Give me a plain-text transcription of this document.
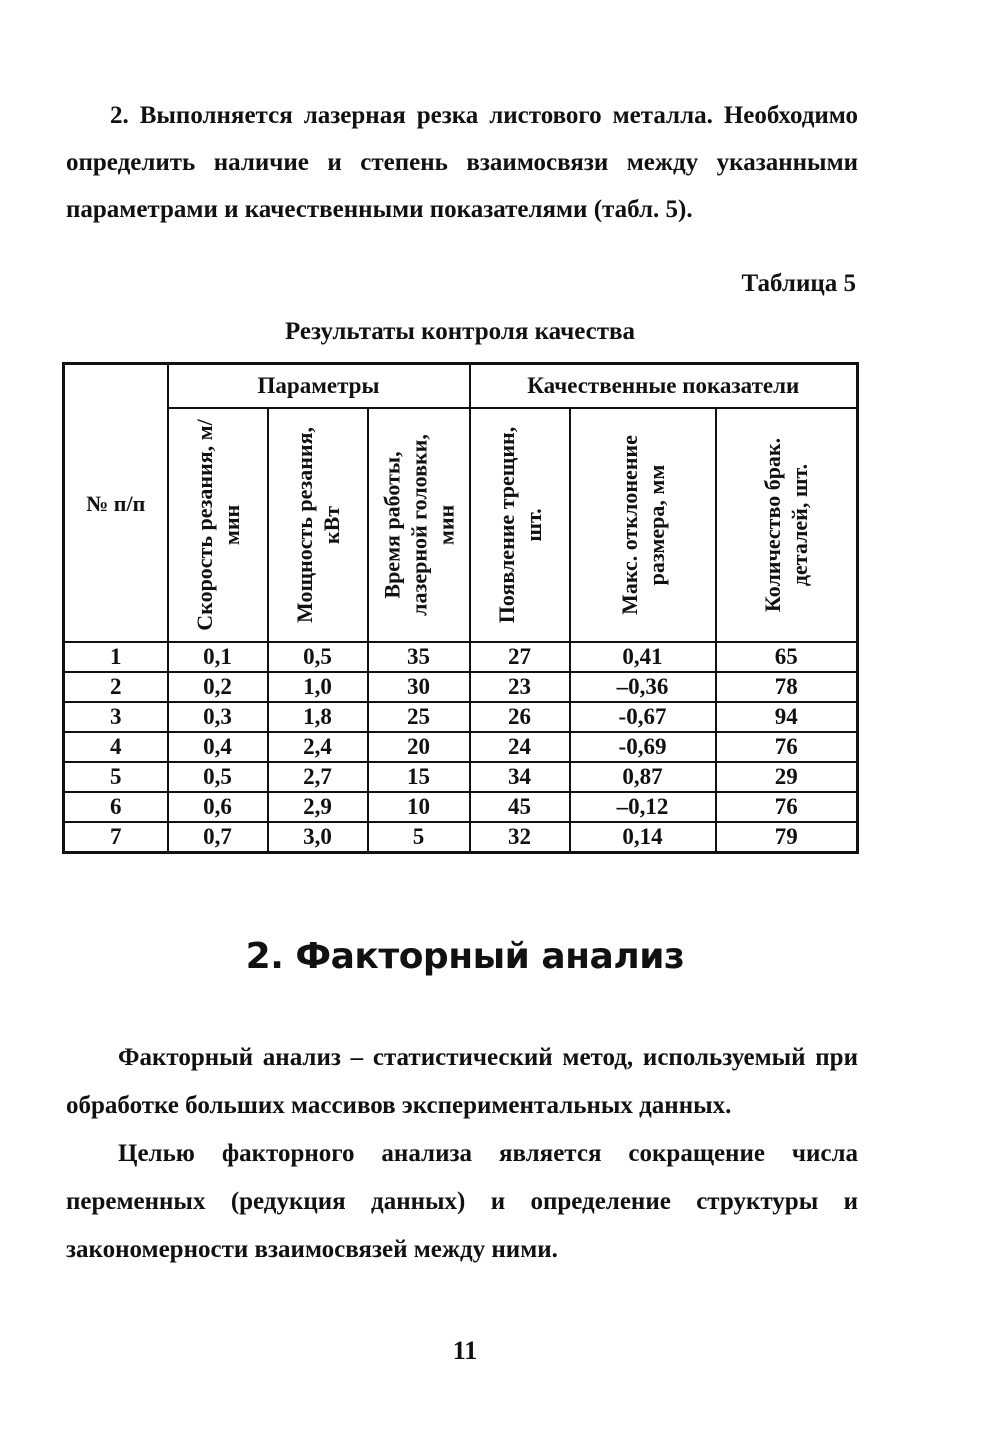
2. Выполняется лазерная резка листового металла. Необходимо определить наличие и степень взаимосвязи между указанными параметрами и качественными показателями (табл. 5).

Таблица 5

Результаты контроля качества

№ п/п	Параметры			Качественные показатели		

	Скорость резания, м/мин	Мощность резания, кВт	Время работы, лазерной головки, мин	Появление трещин, шт.	Макс. отклонение размера, мм	Количество брак. деталей, шт.

1	0,1	0,5	35	27	0,41	65
2	0,2	1,0	30	23	–0,36	78
3	0,3	1,8	25	26	-0,67	94
4	0,4	2,4	20	24	-0,69	76
5	0,5	2,7	15	34	0,87	29
6	0,6	2,9	10	45	–0,12	76
7	0,7	3,0	5	32	0,14	79
2. Факторный анализ

Факторный анализ – статистический метод, используемый при обработке больших массивов экспериментальных данных.

Целью факторного анализа является сокращение числа переменных (редукция данных) и определение структуры и закономерности взаимосвязей между ними.

11
